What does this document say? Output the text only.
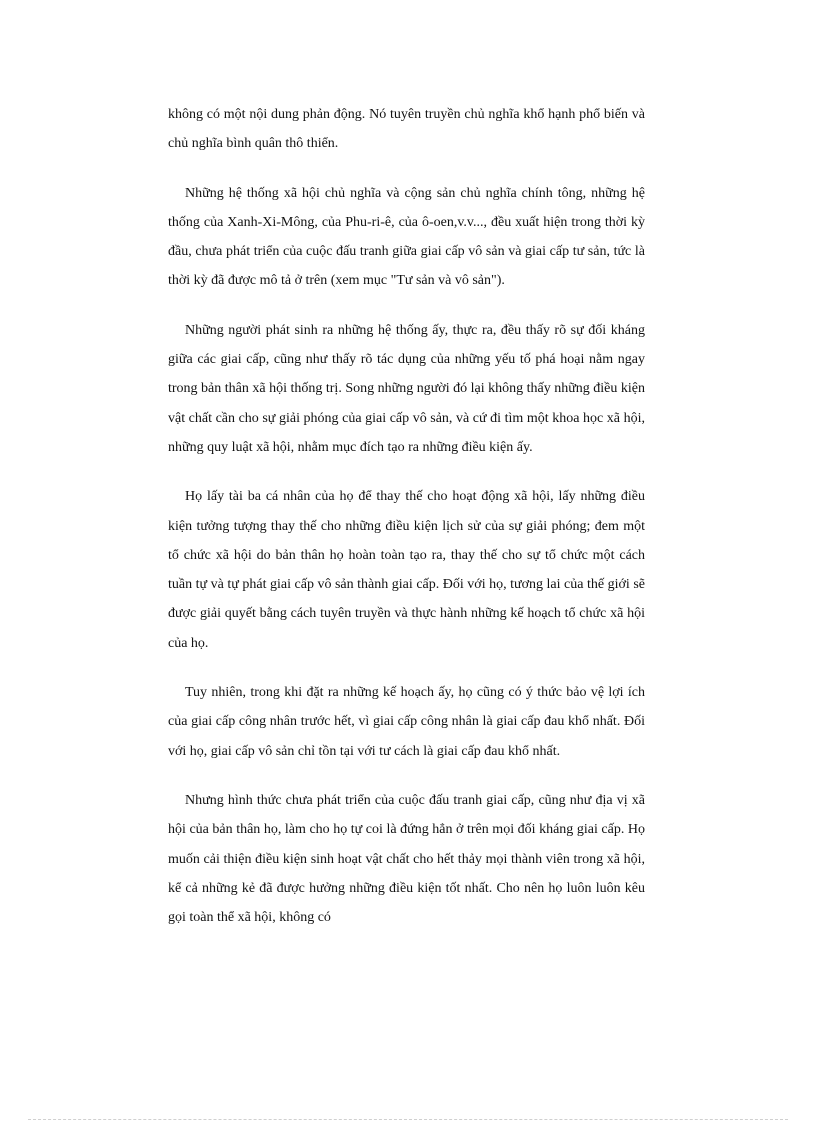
không có một nội dung phản động. Nó tuyên truyền chủ nghĩa khổ hạnh phổ biến và chủ nghĩa bình quân thô thiển.

Những hệ thống xã hội chủ nghĩa và cộng sản chủ nghĩa chính tông, những hệ thống của Xanh-Xi-Mông, của Phu-ri-ê, của ô-oen,v.v..., đều xuất hiện trong thời kỳ đầu, chưa phát triển của cuộc đấu tranh giữa giai cấp vô sản và giai cấp tư sản, tức là thời kỳ đã được mô tả ở trên (xem mục "Tư sản và vô sản").

Những người phát sinh ra những hệ thống ấy, thực ra, đều thấy rõ sự đối kháng giữa các giai cấp, cũng như thấy rõ tác dụng của những yếu tố phá hoại nằm ngay trong bản thân xã hội thống trị. Song những người đó lại không thấy những điều kiện vật chất cần cho sự giải phóng của giai cấp vô sản, và cứ đi tìm một khoa học xã hội, những quy luật xã hội, nhằm mục đích tạo ra những điều kiện ấy.

Họ lấy tài ba cá nhân của họ để thay thế cho hoạt động xã hội, lấy những điều kiện tưởng tượng thay thế cho những điều kiện lịch sử của sự giải phóng; đem một tổ chức xã hội do bản thân họ hoàn toàn tạo ra, thay thế cho sự tổ chức một cách tuần tự và tự phát giai cấp vô sản thành giai cấp. Đối với họ, tương lai của thế giới sẽ được giải quyết bằng cách tuyên truyền và thực hành những kế hoạch tổ chức xã hội của họ.

Tuy nhiên, trong khi đặt ra những kế hoạch ấy, họ cũng có ý thức bảo vệ lợi ích của giai cấp công nhân trước hết, vì giai cấp công nhân là giai cấp đau khổ nhất. Đối với họ, giai cấp vô sản chỉ tồn tại với tư cách là giai cấp đau khổ nhất.

Nhưng hình thức chưa phát triển của cuộc đấu tranh giai cấp, cũng như địa vị xã hội của bản thân họ, làm cho họ tự coi là đứng hẳn ở trên mọi đối kháng giai cấp. Họ muốn cải thiện điều kiện sinh hoạt vật chất cho hết thảy mọi thành viên trong xã hội, kể cả những kẻ đã được hưởng những điều kiện tốt nhất. Cho nên họ luôn luôn kêu gọi toàn thể xã hội, không có
